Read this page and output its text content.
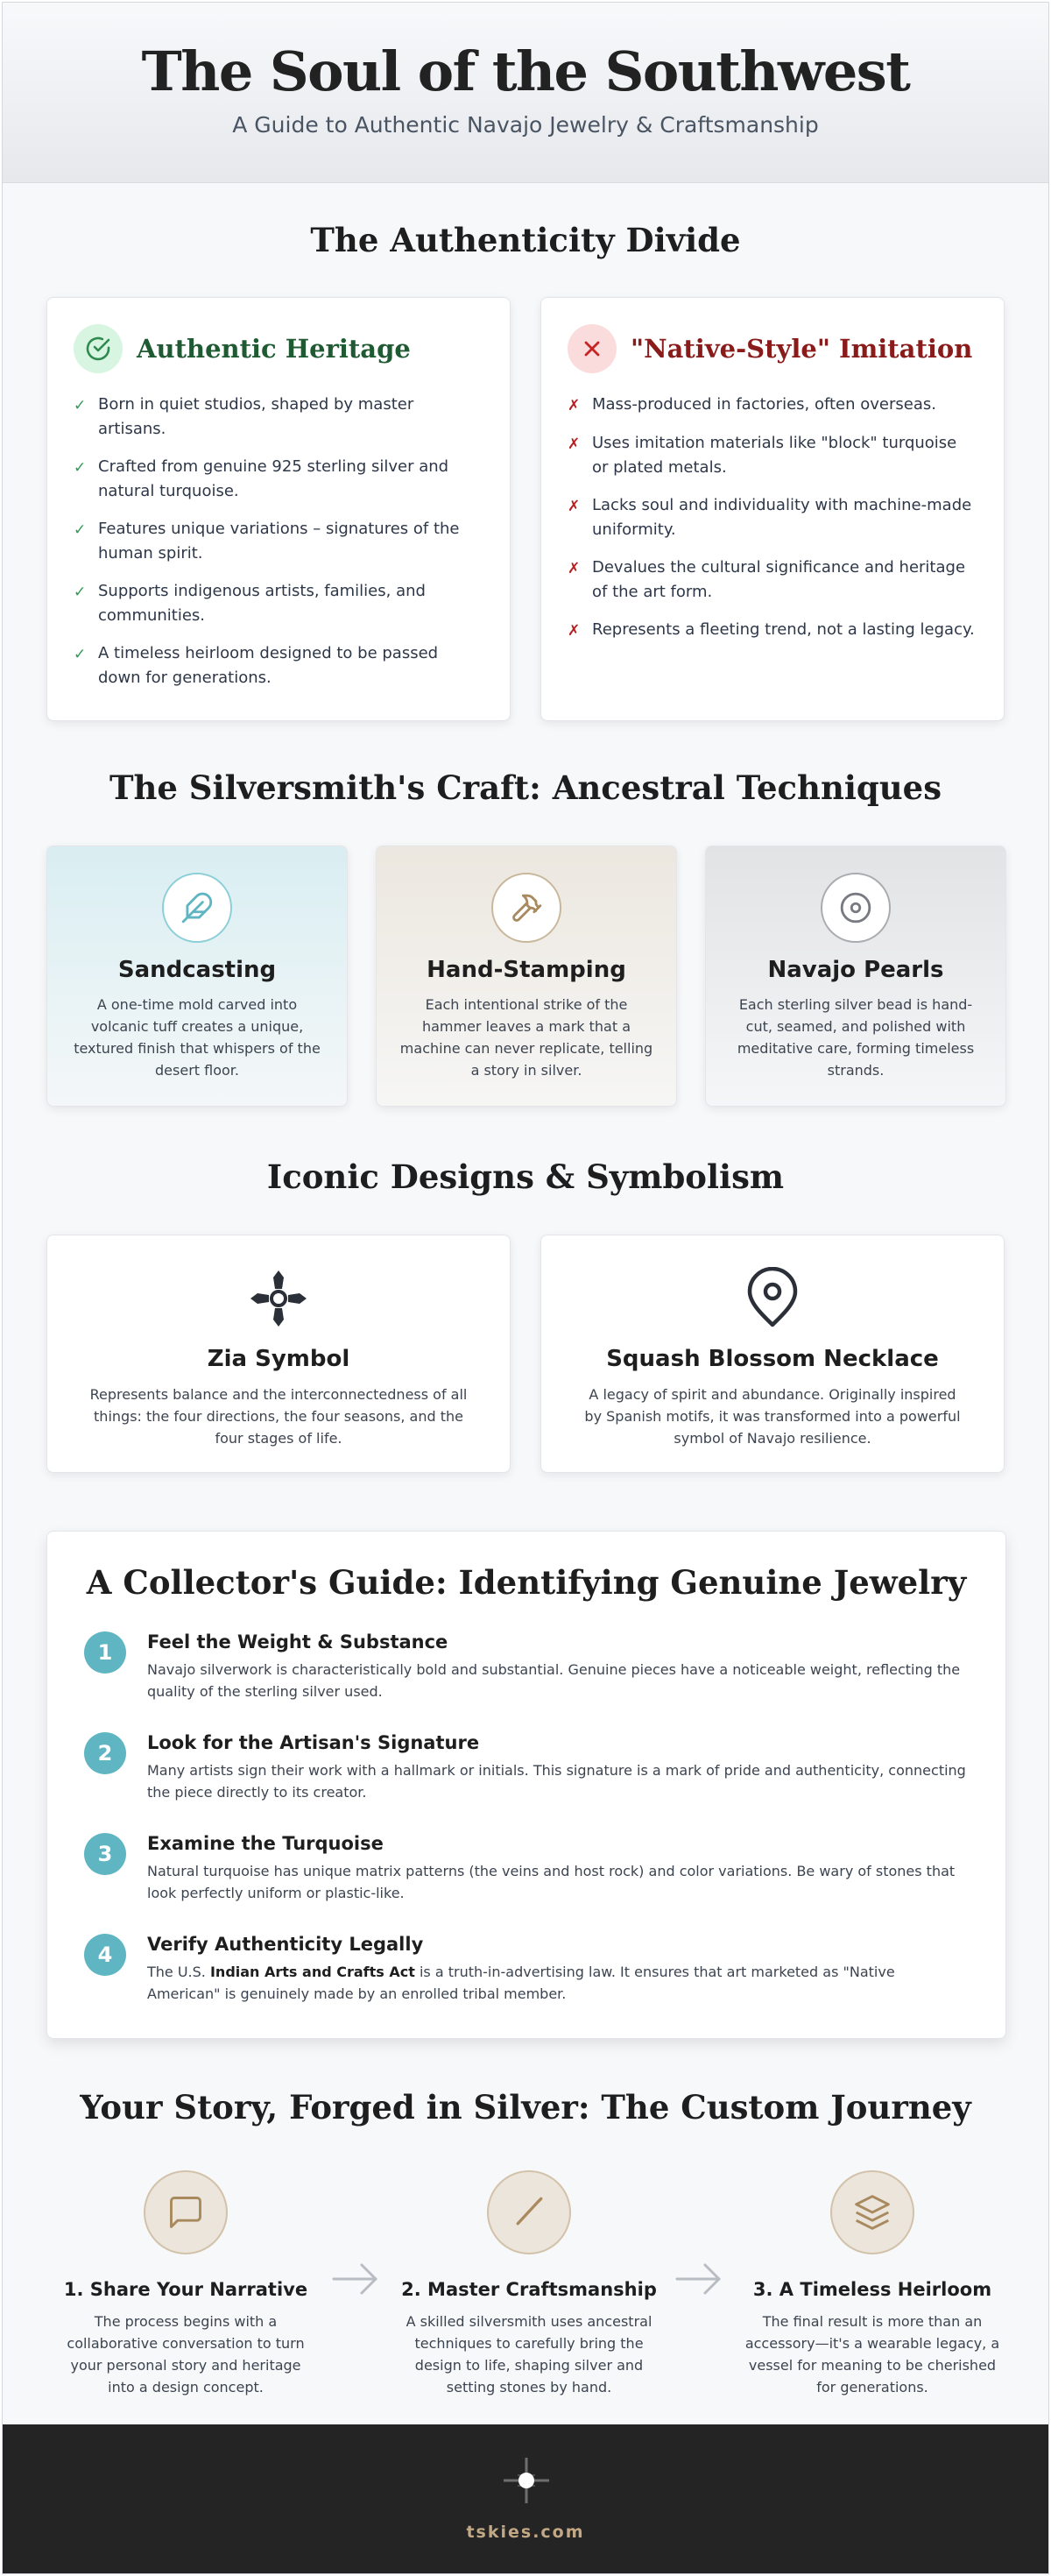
The Soul of the Southwest
A Guide to Authentic Navajo Jewelry & Craftsmanship
The Authenticity Divide
Authentic Heritage
✓ Born in quiet studios, shaped by master artisans.
✓ Crafted from genuine 925 sterling silver and natural turquoise.
✓ Features unique variations – signatures of the human spirit.
✓ Supports indigenous artists, families, and communities.
✓ A timeless heirloom designed to be passed down for generations.
"Native-Style" Imitation
✗ Mass-produced in factories, often overseas.
✗ Uses imitation materials like "block" turquoise or plated metals.
✗ Lacks soul and individuality with machine-made uniformity.
✗ Devalues the cultural significance and heritage of the art form.
✗ Represents a fleeting trend, not a lasting legacy.
The Silversmith's Craft: Ancestral Techniques
Sandcasting

A one-time mold carved into volcanic tuff creates a unique, textured finish that whispers of the desert floor.

Hand-Stamping

Each intentional strike of the hammer leaves a mark that a machine can never replicate, telling a story in silver.

Navajo Pearls

Each sterling silver bead is hand-cut, seamed, and polished with meditative care, forming timeless strands.

Iconic Designs & Symbolism
Zia Symbol

Represents balance and the interconnectedness of all things: the four directions, the four seasons, and the four stages of life.

Squash Blossom Necklace

A legacy of spirit and abundance. Originally inspired by Spanish motifs, it was transformed into a powerful symbol of Navajo resilience.

A Collector's Guide: Identifying Genuine Jewelry
1	Feel the Weight & Substance

Navajo silverwork is characteristically bold and substantial. Genuine pieces have a noticeable weight, reflecting the quality of the sterling silver used.

2	Look for the Artisan's Signature

Many artists sign their work with a hallmark or initials. This signature is a mark of pride and authenticity, connecting the piece directly to its creator.

3	Examine the Turquoise

Natural turquoise has unique matrix patterns (the veins and host rock) and color variations. Be wary of stones that look perfectly uniform or plastic-like.

4	Verify Authenticity Legally

The U.S. Indian Arts and Crafts Act is a truth-in-advertising law. It ensures that art marketed as "Native American" is genuinely made by an enrolled tribal member.

Your Story, Forged in Silver: The Custom Journey
1. Share Your Narrative

The process begins with a collaborative conversation to turn your personal story and heritage into a design concept.

2. Master Craftsmanship

A skilled silversmith uses ancestral techniques to carefully bring the design to life, shaping silver and setting stones by hand.

3. A Timeless Heirloom

The final result is more than an accessory—it's a wearable legacy, a vessel for meaning to be cherished for generations.

tskies.com
